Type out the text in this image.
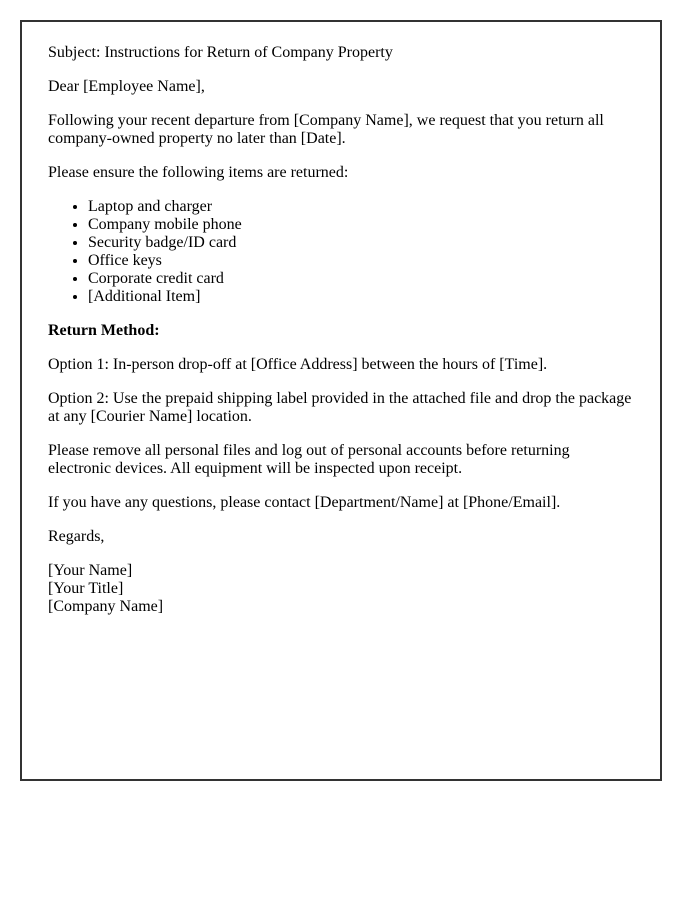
Subject: Instructions for Return of Company Property

Dear [Employee Name],

Following your recent departure from [Company Name], we request that you return all company-owned property no later than [Date].

Please ensure the following items are returned:

• Laptop and charger
• Company mobile phone
• Security badge/ID card
• Office keys
• Corporate credit card
• [Additional Item]

Return Method:

Option 1: In-person drop-off at [Office Address] between the hours of [Time].

Option 2: Use the prepaid shipping label provided in the attached file and drop the package at any [Courier Name] location.

Please remove all personal files and log out of personal accounts before returning electronic devices. All equipment will be inspected upon receipt.

If you have any questions, please contact [Department/Name] at [Phone/Email].

Regards,

[Your Name]
[Your Title]
[Company Name]
